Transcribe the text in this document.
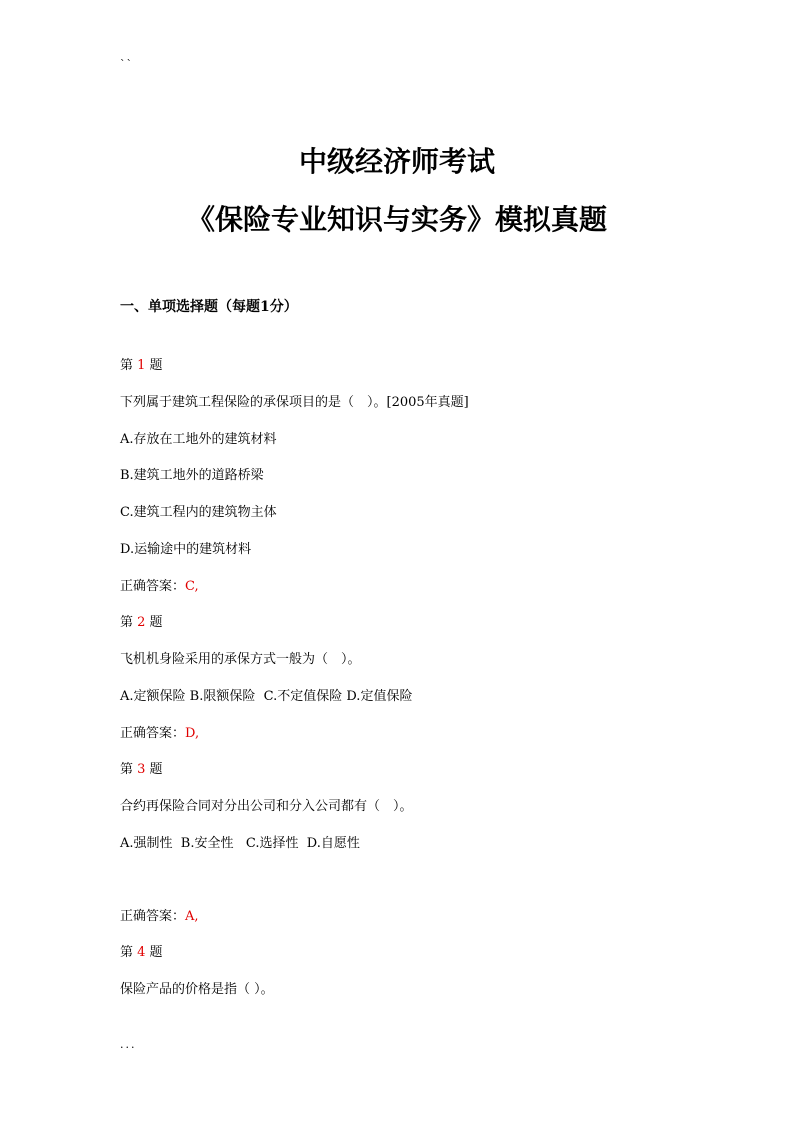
``
中级经济师考试
《保险专业知识与实务》模拟真题
一、单项选择题（每题1分）
第 1 题
下列属于建筑工程保险的承保项目的是（　）。[2005年真题]
A.存放在工地外的建筑材料
B.建筑工地外的道路桥梁
C.建筑工程内的建筑物主体
D.运输途中的建筑材料
正确答案：C,
第 2 题
飞机机身险采用的承保方式一般为（　）。
A.定额保险 B.限额保险  C.不定值保险 D.定值保险
正确答案：D,
第 3 题
合约再保险合同对分出公司和分入公司都有（　）。
A.强制性  B.安全性   C.选择性  D.自愿性
正确答案：A,
第 4 题
保险产品的价格是指（ ）。
...
